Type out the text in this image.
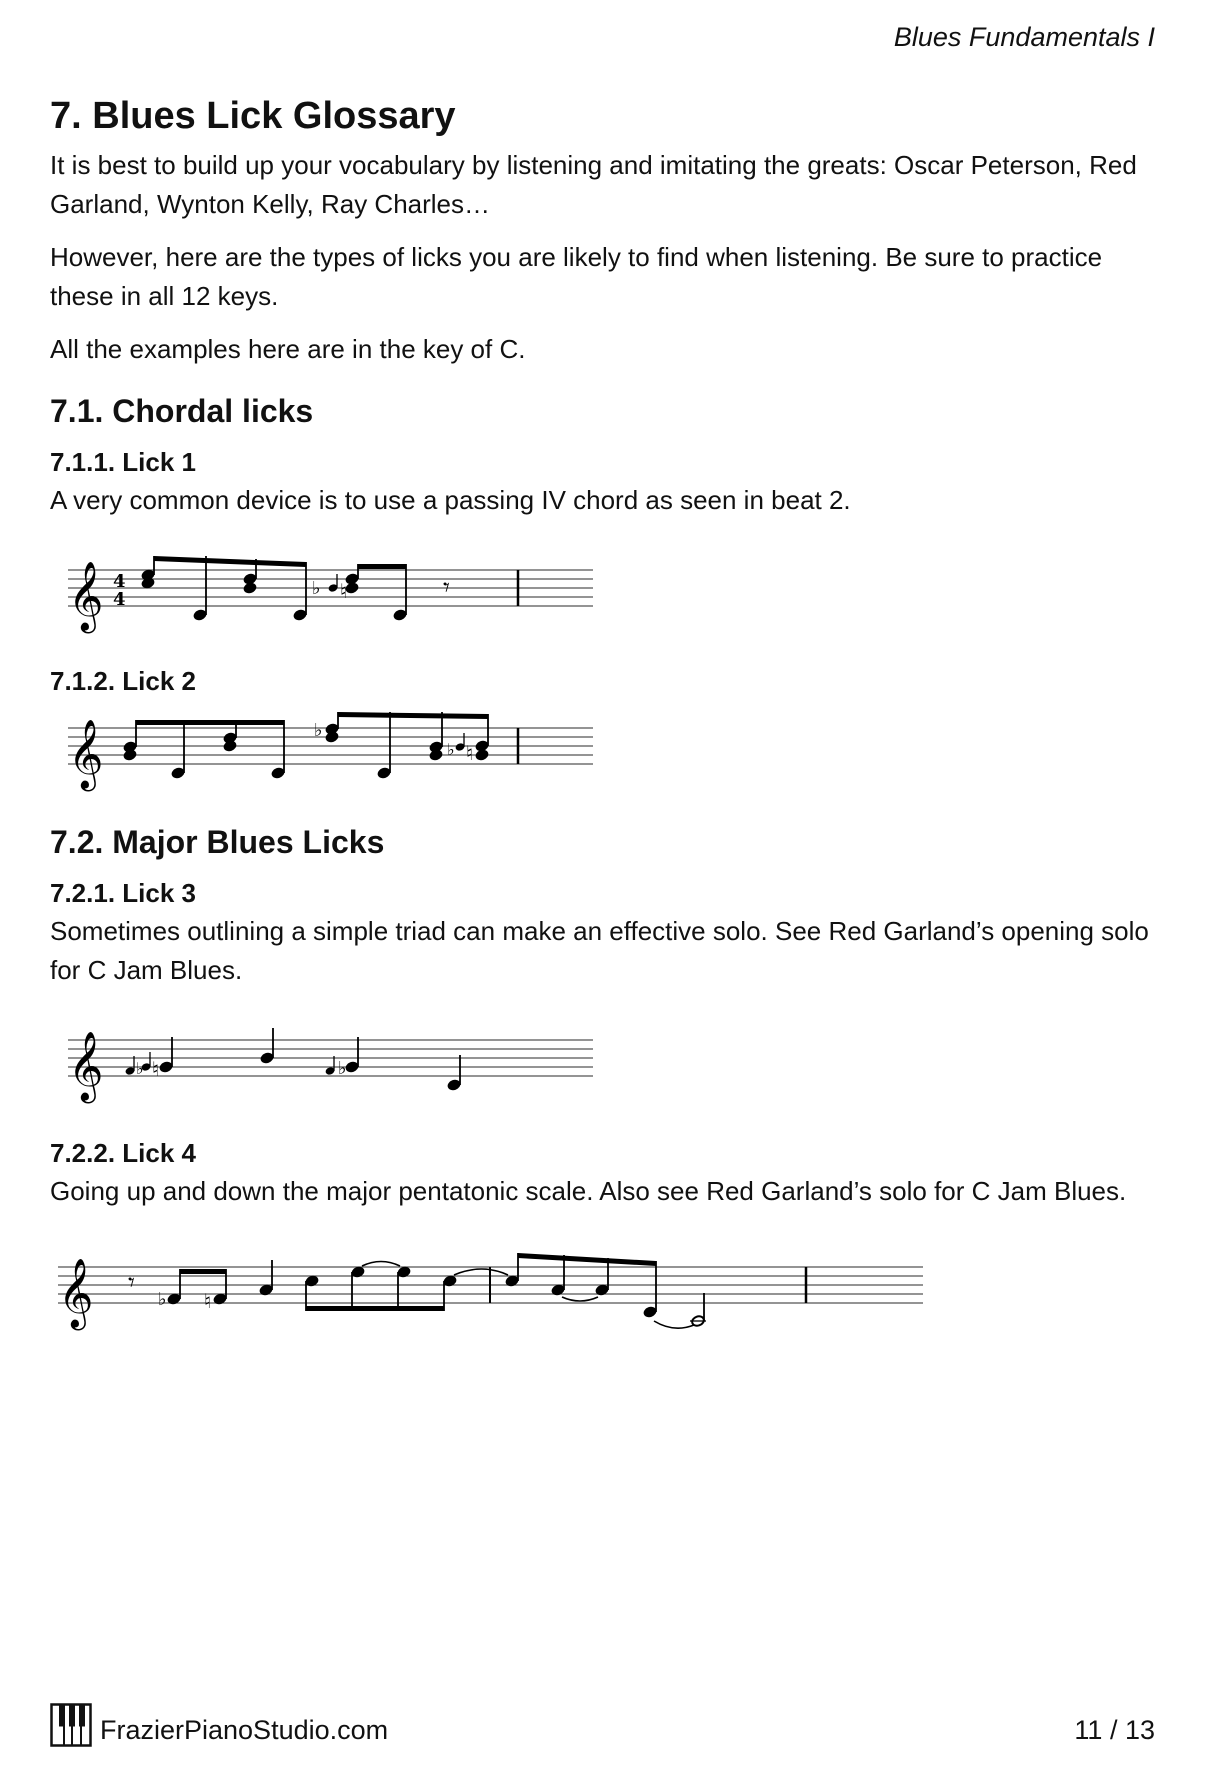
Blues Fundamentals I
7. Blues Lick Glossary

It is best to build up your vocabulary by listening and imitating the greats: Oscar Peterson, Red Garland, Wynton Kelly, Ray Charles…

However, here are the types of licks you are likely to find when listening. Be sure to practice these in all 12 keys.

All the examples here are in the key of C.

7.1. Chordal licks
7.1.1. Lick 1

A very common device is to use a passing IV chord as seen in beat 2.

𝄞 4
4
♭ ♮	𝄾
7.1.2. Lick 2
𝄞	♭
♭ ♮
7.2. Major Blues Licks
7.2.1. Lick 3

Sometimes outlining a simple triad can make an effective solo. See Red Garland’s opening solo for C Jam Blues.

𝄞 ♭ ♮	♭
7.2.2. Lick 4

Going up and down the major pentatonic scale. Also see Red Garland’s solo for C Jam Blues.

𝄞 𝄾
♭ ♮
FrazierPianoStudio.com	11 / 13
